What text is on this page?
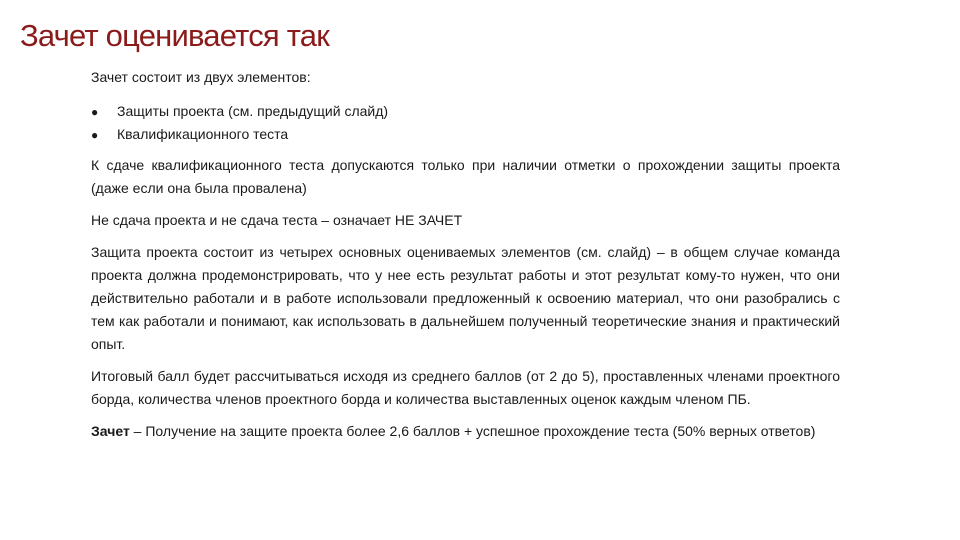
Зачет оценивается так

Зачет состоит из двух элементов:

●	Защиты проекта (см. предыдущий слайд)
●	Квалификационного теста

К сдаче квалификационного теста допускаются только при наличии отметки о прохождении защиты проекта (даже если она была провалена)

Не сдача проекта и не сдача теста – означает НЕ ЗАЧЕТ

Защита проекта состоит из четырех основных оцениваемых элементов (см. слайд) – в общем случае команда проекта должна продемонстрировать, что у нее есть результат работы и этот результат кому-то нужен, что они действительно работали и в работе использовали предложенный к освоению материал, что они разобрались с тем как работали и понимают, как использовать в дальнейшем полученный теоретические знания и практический опыт.

Итоговый балл будет рассчитываться исходя из среднего баллов (от 2 до 5), проставленных членами проектного борда, количества членов проектного борда и количества выставленных оценок каждым членом ПБ.

Зачет – Получение на защите проекта более 2,6 баллов + успешное прохождение теста (50% верных ответов)
